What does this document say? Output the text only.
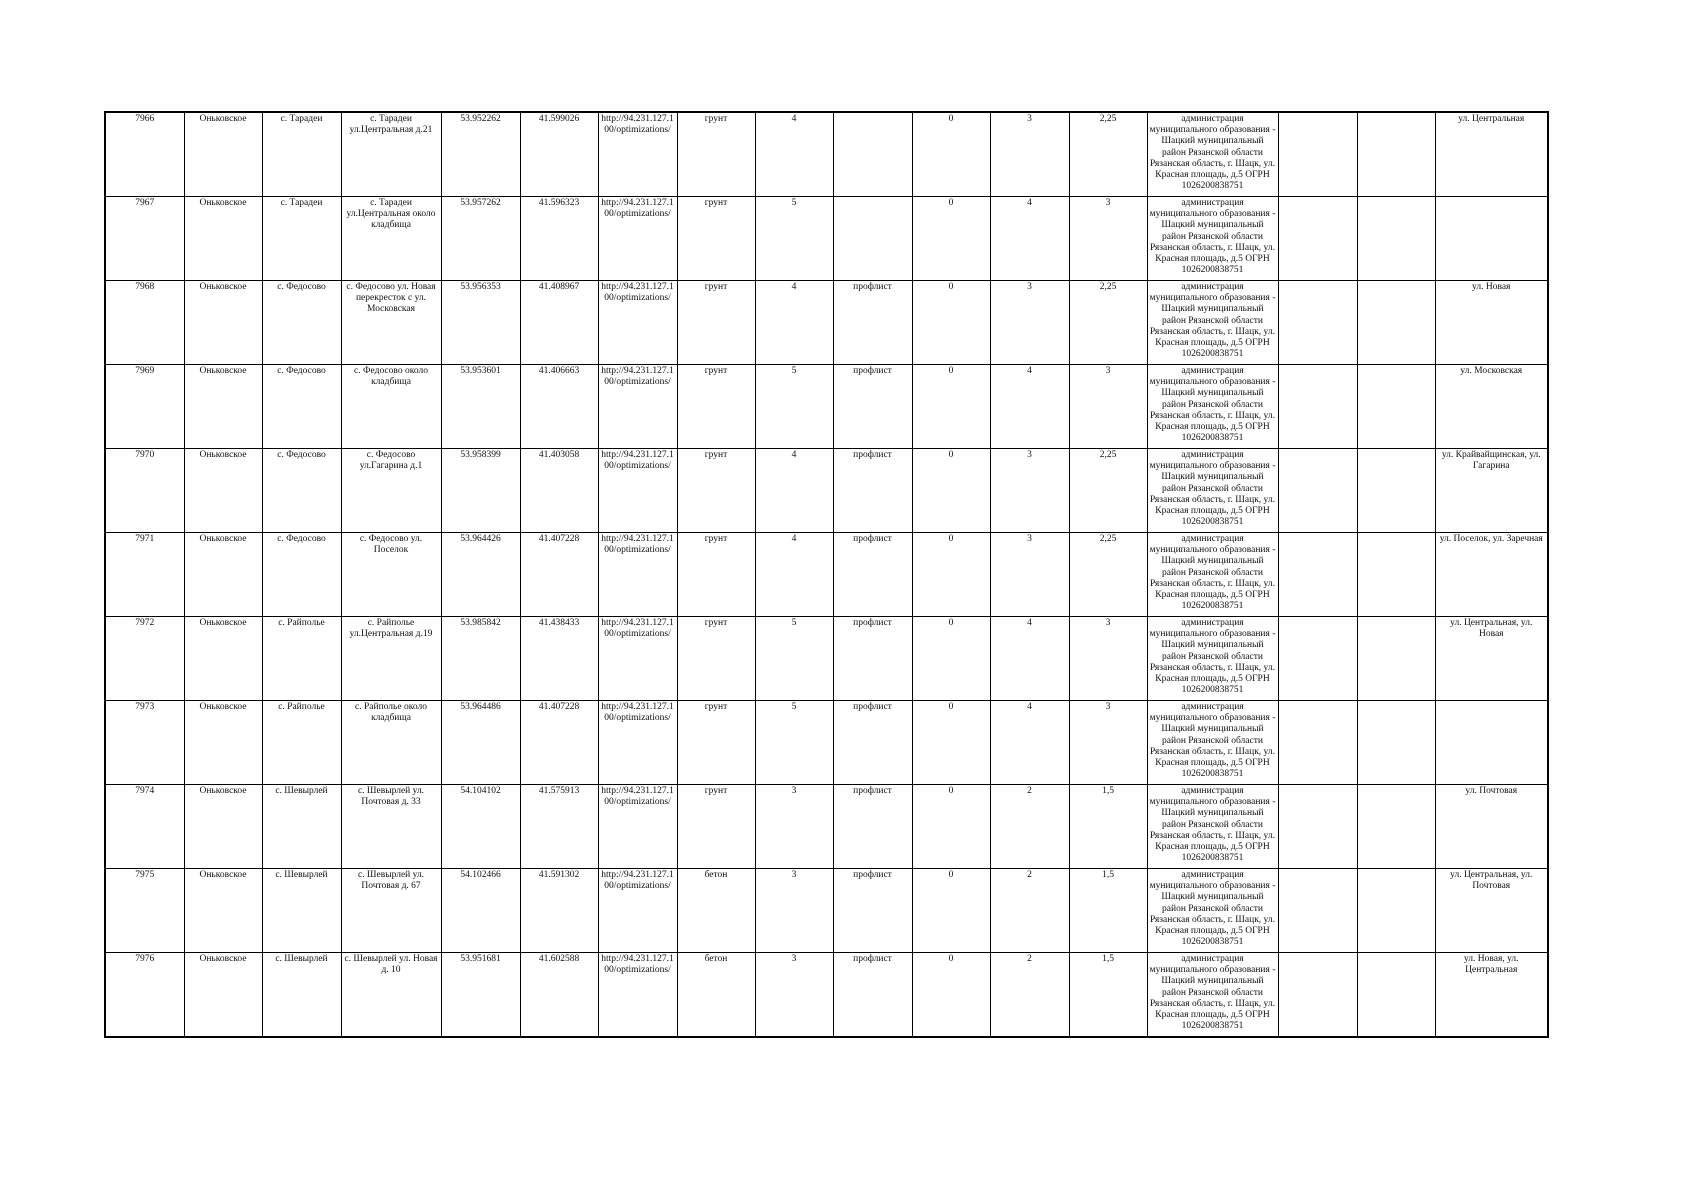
7966	Оньковское	с. Тарадеи	с. Тарадеи ул.Центральная д.21	53.952262	41.599026	http://94.231.127.100/optimizations/	грунт	4		0	3	2,25	администрация муниципального образования - Шацкий муниципальный район Рязанской области Рязанская область, г. Шацк, ул. Красная площадь, д.5 ОГРН 1026200838751			ул. Центральная
7967	Оньковское	с. Тарадеи	с. Тарадеи ул.Центральная около кладбища	53.957262	41.596323	http://94.231.127.100/optimizations/	грунт	5		0	4	3	администрация муниципального образования - Шацкий муниципальный район Рязанской области Рязанская область, г. Шацк, ул. Красная площадь, д.5 ОГРН 1026200838751			
7968	Оньковское	с. Федосово	с. Федосово ул. Новая перекресток с ул. Московская	53.956353	41.408967	http://94.231.127.100/optimizations/	грунт	4	профлист	0	3	2,25	администрация муниципального образования - Шацкий муниципальный район Рязанской области Рязанская область, г. Шацк, ул. Красная площадь, д.5 ОГРН 1026200838751			ул. Новая
7969	Оньковское	с. Федосово	с. Федосово около кладбища	53.953601	41.406663	http://94.231.127.100/optimizations/	грунт	5	профлист	0	4	3	администрация муниципального образования - Шацкий муниципальный район Рязанской области Рязанская область, г. Шацк, ул. Красная площадь, д.5 ОГРН 1026200838751			ул. Московская
7970	Оньковское	с. Федосово	с. Федосово ул.Гагарина д.1	53.958399	41.403058	http://94.231.127.100/optimizations/	грунт	4	профлист	0	3	2,25	администрация муниципального образования - Шацкий муниципальный район Рязанской области Рязанская область, г. Шацк, ул. Красная площадь, д.5 ОГРН 1026200838751			ул. Крайвайщинская, ул. Гагарина
7971	Оньковское	с. Федосово	с. Федосово ул. Поселок	53.964426	41.407228	http://94.231.127.100/optimizations/	грунт	4	профлист	0	3	2,25	администрация муниципального образования - Шацкий муниципальный район Рязанской области Рязанская область, г. Шацк, ул. Красная площадь, д.5 ОГРН 1026200838751			ул. Поселок, ул. Заречная
7972	Оньковское	с. Райполье	с. Райполье ул.Центральная д.19	53.985842	41.438433	http://94.231.127.100/optimizations/	грунт	5	профлист	0	4	3	администрация муниципального образования - Шацкий муниципальный район Рязанской области Рязанская область, г. Шацк, ул. Красная площадь, д.5 ОГРН 1026200838751			ул. Центральная, ул. Новая
7973	Оньковское	с. Райполье	с. Райполье около кладбища	53.964486	41.407228	http://94.231.127.100/optimizations/	грунт	5	профлист	0	4	3	администрация муниципального образования - Шацкий муниципальный район Рязанской области Рязанская область, г. Шацк, ул. Красная площадь, д.5 ОГРН 1026200838751			
7974	Оньковское	с. Шевырлей	с. Шевырлей ул. Почтовая д. 33	54.104102	41.575913	http://94.231.127.100/optimizations/	грунт	3	профлист	0	2	1,5	администрация муниципального образования - Шацкий муниципальный район Рязанской области Рязанская область, г. Шацк, ул. Красная площадь, д.5 ОГРН 1026200838751			ул. Почтовая
7975	Оньковское	с. Шевырлей	с. Шевырлей ул. Почтовая д. 67	54.102466	41.591302	http://94.231.127.100/optimizations/	бетон	3	профлист	0	2	1,5	администрация муниципального образования - Шацкий муниципальный район Рязанской области Рязанская область, г. Шацк, ул. Красная площадь, д.5 ОГРН 1026200838751			ул. Центральная, ул. Почтовая
7976	Оньковское	с. Шевырлей	с. Шевырлей ул. Новая д. 10	53.951681	41.602588	http://94.231.127.100/optimizations/	бетон	3	профлист	0	2	1,5	администрация муниципального образования - Шацкий муниципальный район Рязанской области Рязанская область, г. Шацк, ул. Красная площадь, д.5 ОГРН 1026200838751			ул. Новая, ул. Центральная
